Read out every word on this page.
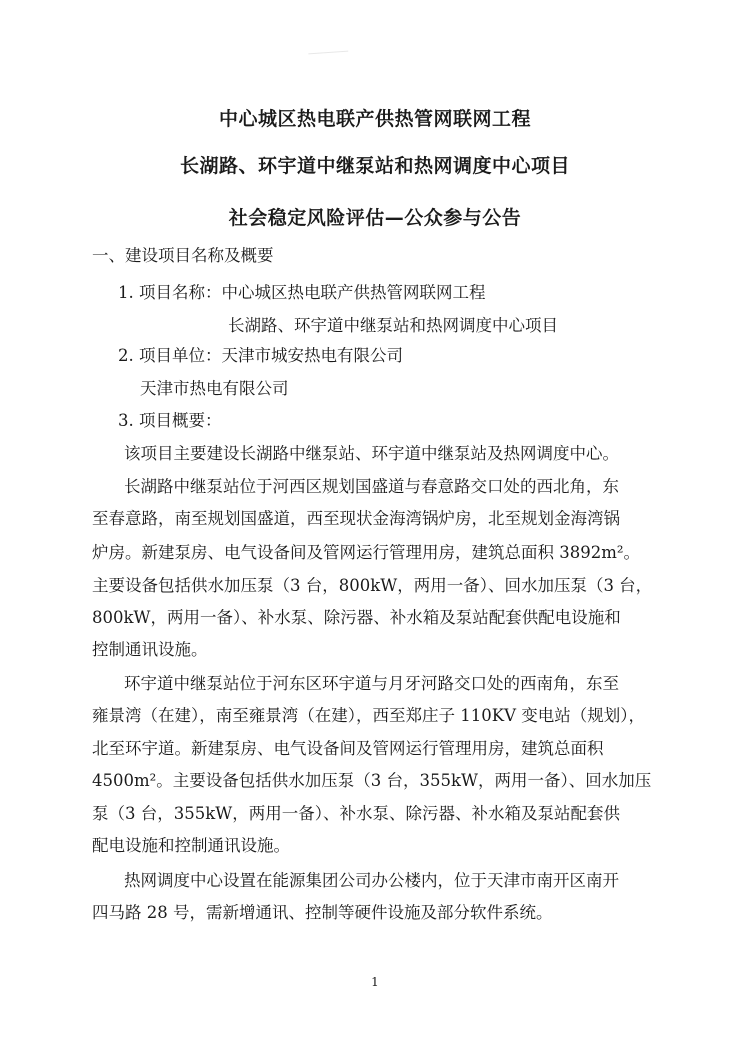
中心城区热电联产供热管网联网工程
长湖路、环宇道中继泵站和热网调度中心项目
社会稳定风险评估—公众参与公告
一、建设项目名称及概要
1. 项目名称：中心城区热电联产供热管网联网工程
长湖路、环宇道中继泵站和热网调度中心项目
2. 项目单位：天津市城安热电有限公司
天津市热电有限公司
3. 项目概要：
该项目主要建设长湖路中继泵站、环宇道中继泵站及热网调度中心。
长湖路中继泵站位于河西区规划国盛道与春意路交口处的西北角，东
至春意路，南至规划国盛道，西至现状金海湾锅炉房，北至规划金海湾锅
炉房。新建泵房、电气设备间及管网运行管理用房，建筑总面积 3892m²。
主要设备包括供水加压泵（3 台，800kW，两用一备）、回水加压泵（3 台，
800kW，两用一备）、补水泵、除污器、补水箱及泵站配套供配电设施和
控制通讯设施。
环宇道中继泵站位于河东区环宇道与月牙河路交口处的西南角，东至
雍景湾（在建），南至雍景湾（在建），西至郑庄子 110KV 变电站（规划），
北至环宇道。新建泵房、电气设备间及管网运行管理用房，建筑总面积
4500m²。主要设备包括供水加压泵（3 台，355kW，两用一备）、回水加压
泵（3 台，355kW，两用一备）、补水泵、除污器、补水箱及泵站配套供
配电设施和控制通讯设施。
热网调度中心设置在能源集团公司办公楼内，位于天津市南开区南开
四马路 28 号，需新增通讯、控制等硬件设施及部分软件系统。
1
